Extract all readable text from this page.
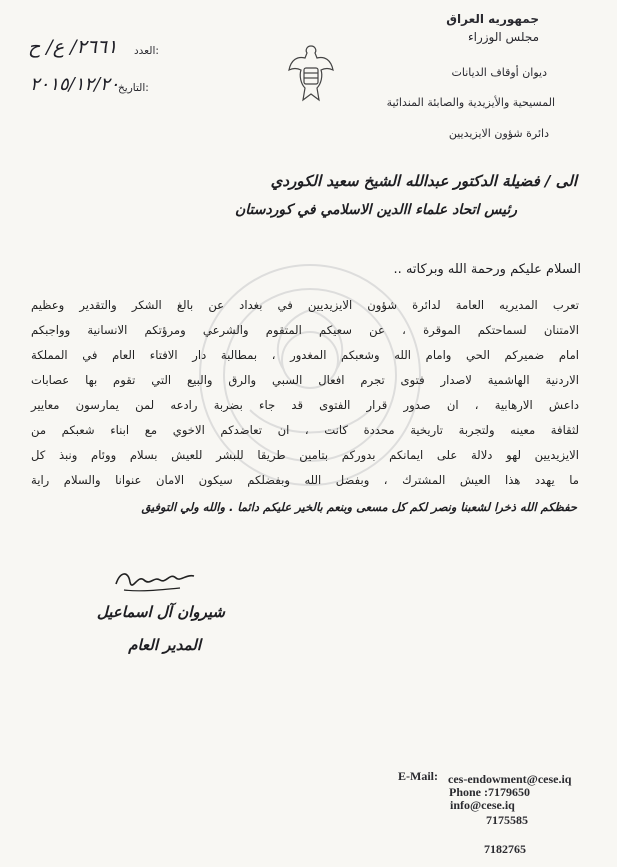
جمهوريه العراق
مجلس الوزراء
ديوان أوقاف الديانات
المسيحية والأيزيدية والصابئة المندائية
دائرة شؤون الايزيديين
العدد:
٢٦٦١/ ع/ ح
التاريخ:
٢٠١٥/١٢/٢٠
الى / فضيلة الدكتور عبدالله الشيخ سعيد الكوردي
رئيس اتحاد علماء االدين الاسلامي في كوردستان
السلام عليكم ورحمة الله وبركاته ..
تعرب المديريه العامة لدائرة شؤون الايزيديين في بغداد عن بالغ الشكر والتقدير وعظيم
الامتنان لسماحتكم الموقرة ، عن سعيكم المتقوم والشرعي ومرؤتكم الانسانية وواجبكم
امام ضميركم الحي وامام الله وشعبكم المغدور ، بمطالبة دار الافتاء العام في المملكة
الاردنية الهاشمية لاصدار فتوى تجرم افعال السبي والرق والبيع التي تقوم بها عصابات
داعش الارهابية ، ان صدور قرار الفتوى قد جاء بضربة رادعه لمن يمارسون معايير
لثقافة معينه ولتجربة تاريخية محددة كانت ، ان تعاضدكم الاخوي مع ابناء شعبكم من
الايزيديين لهو دلالة على ايمانكم بدوركم بتامين طريقا للبشر للعيش بسلام ووئام ونبذ كل
ما يهدد هذا العيش المشترك ، وبفضل الله وبفضلكم سيكون الامان عنوانا والسلام راية
حفظكم الله ذخرا لشعبنا ونصر لكم كل مسعى وبنعم بالخير عليكم دائما . والله ولي التوفيق
شيروان آل اسماعيل
المدير العام
E-Mail: ces-endowment@cese.iq
Phone :7179650
info@cese.iq
7175585
7182765
